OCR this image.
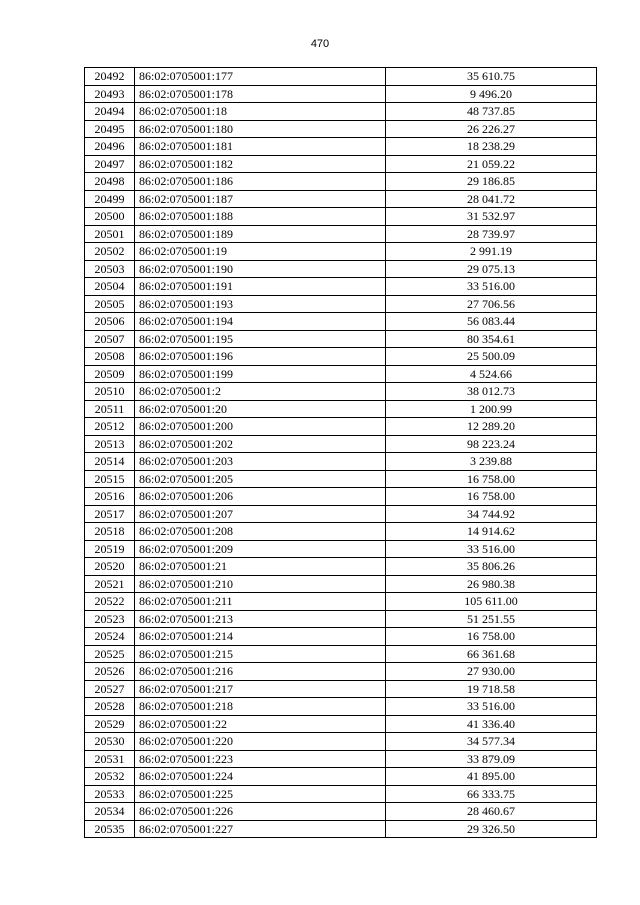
470
20492	86:02:0705001:177	35 610.75
20493	86:02:0705001:178	9 496.20
20494	86:02:0705001:18	48 737.85
20495	86:02:0705001:180	26 226.27
20496	86:02:0705001:181	18 238.29
20497	86:02:0705001:182	21 059.22
20498	86:02:0705001:186	29 186.85
20499	86:02:0705001:187	28 041.72
20500	86:02:0705001:188	31 532.97
20501	86:02:0705001:189	28 739.97
20502	86:02:0705001:19	2 991.19
20503	86:02:0705001:190	29 075.13
20504	86:02:0705001:191	33 516.00
20505	86:02:0705001:193	27 706.56
20506	86:02:0705001:194	56 083.44
20507	86:02:0705001:195	80 354.61
20508	86:02:0705001:196	25 500.09
20509	86:02:0705001:199	4 524.66
20510	86:02:0705001:2	38 012.73
20511	86:02:0705001:20	1 200.99
20512	86:02:0705001:200	12 289.20
20513	86:02:0705001:202	98 223.24
20514	86:02:0705001:203	3 239.88
20515	86:02:0705001:205	16 758.00
20516	86:02:0705001:206	16 758.00
20517	86:02:0705001:207	34 744.92
20518	86:02:0705001:208	14 914.62
20519	86:02:0705001:209	33 516.00
20520	86:02:0705001:21	35 806.26
20521	86:02:0705001:210	26 980.38
20522	86:02:0705001:211	105 611.00
20523	86:02:0705001:213	51 251.55
20524	86:02:0705001:214	16 758.00
20525	86:02:0705001:215	66 361.68
20526	86:02:0705001:216	27 930.00
20527	86:02:0705001:217	19 718.58
20528	86:02:0705001:218	33 516.00
20529	86:02:0705001:22	41 336.40
20530	86:02:0705001:220	34 577.34
20531	86:02:0705001:223	33 879.09
20532	86:02:0705001:224	41 895.00
20533	86:02:0705001:225	66 333.75
20534	86:02:0705001:226	28 460.67
20535	86:02:0705001:227	29 326.50
